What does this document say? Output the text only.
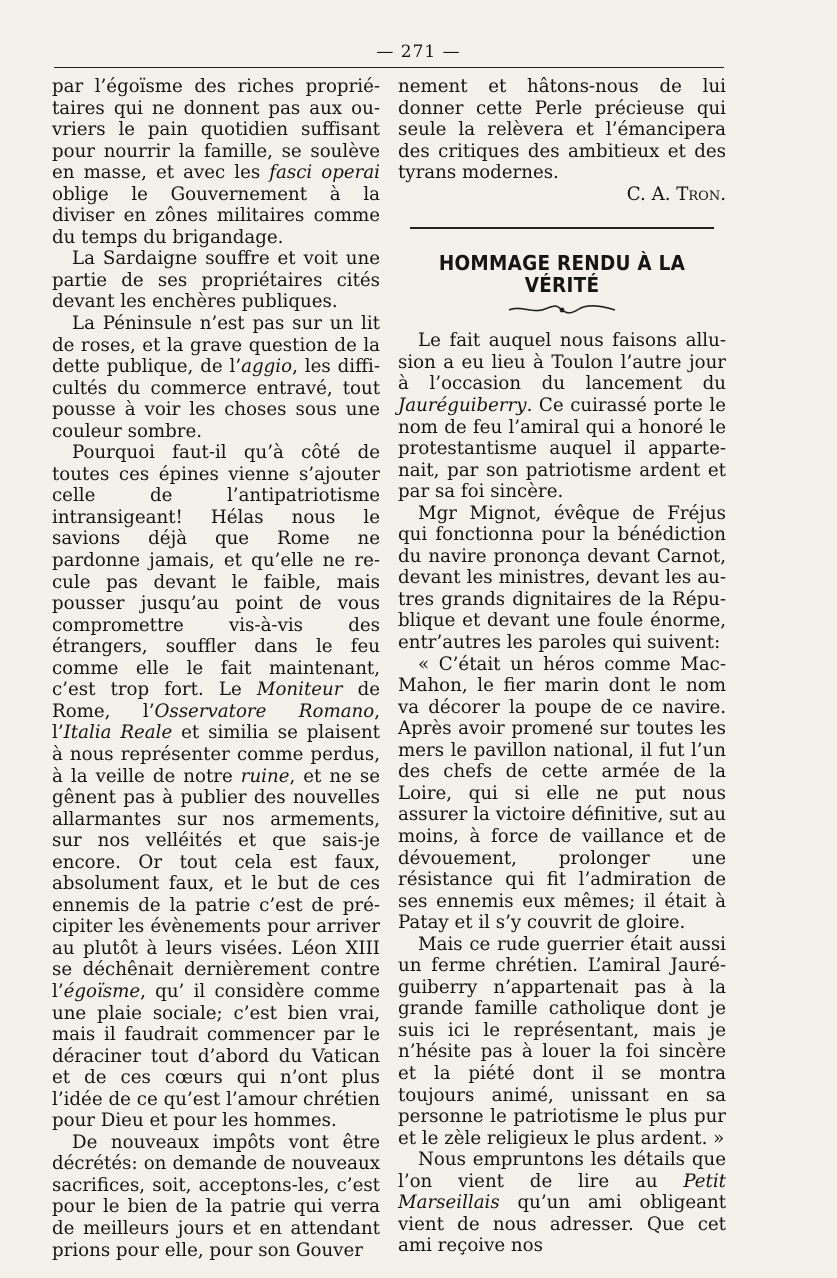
— 271 —

par l’égoïsme des riches propriétaires qui ne donnent pas aux ouvriers le pain quotidien suffisant pour nourrir la famille, se soulève en masse, et avec les fasci operai oblige le Gouvernement à la diviser en zônes militaires comme du temps du brigandage.

La Sardaigne souffre et voit une partie de ses propriétaires cités devant les enchères publiques.

La Péninsule n’est pas sur un lit de roses, et la grave question de la dette publique, de l’aggio, les difficultés du commerce entravé, tout pousse à voir les choses sous une couleur sombre.

Pourquoi faut-il qu’à côté de toutes ces épines vienne s’ajouter celle de l’antipatriotisme intransigeant! Hélas nous le savions déjà que Rome ne pardonne jamais, et qu’elle ne recule pas devant le faible, mais pousser jusqu’au point de vous compromettre vis-à-vis des étrangers, souffler dans le feu comme elle le fait maintenant, c’est trop fort. Le Moniteur de Rome, l’Osservatore Romano, l’Italia Reale et similia se plaisent à nous représenter comme perdus, à la veille de notre ruine, et ne se gênent pas à publier des nouvelles allarmantes sur nos armements, sur nos velléités et que sais-je encore. Or tout cela est faux, absolument faux, et le but de ces ennemis de la patrie c’est de précipiter les évènements pour arriver au plutôt à leurs visées. Léon XIII se déchênait dernièrement contre l’égoïsme, qu’ il considère comme une plaie sociale; c’est bien vrai, mais il faudrait commencer par le déraciner tout d’abord du Vatican et de ces cœurs qui n’ont plus l’idée de ce qu’est l’amour chrétien pour Dieu et pour les hommes.

De nouveaux impôts vont être décrétés: on demande de nouveaux sacrifices, soit, acceptons-les, c’est pour le bien de la patrie qui verra de meilleurs jours et en attendant prions pour elle, pour son Gouver

nement et hâtons-nous de lui donner cette Perle précieuse qui seule la relèvera et l’émancipera des critiques des ambitieux et des tyrans modernes.

C. A. Tron.

HOMMAGE RENDU À LA VÉRITÉ

Le fait auquel nous faisons allusion a eu lieu à Toulon l’autre jour à l’occasion du lancement du Jauréguiberry. Ce cuirassé porte le nom de feu l’amiral qui a honoré le protestantisme auquel il appartenait, par son patriotisme ardent et par sa foi sincère.

Mgr Mignot, évêque de Fréjus qui fonctionna pour la bénédiction du navire prononça devant Carnot, devant les ministres, devant les autres grands dignitaires de la République et devant une foule énorme, entr’autres les paroles qui suivent:

« C’était un héros comme Mac-Mahon, le fier marin dont le nom va décorer la poupe de ce navire. Après avoir promené sur toutes les mers le pavillon national, il fut l’un des chefs de cette armée de la Loire, qui si elle ne put nous assurer la victoire définitive, sut au moins, à force de vaillance et de dévouement, prolonger une résistance qui fit l’admiration de ses ennemis eux mêmes; il était à Patay et il s’y couvrit de gloire.

Mais ce rude guerrier était aussi un ferme chrétien. L’amiral Jauréguiberry n’appartenait pas à la grande famille catholique dont je suis ici le représentant, mais je n’hésite pas à louer la foi sincère et la piété dont il se montra toujours animé, unissant en sa personne le patriotisme le plus pur et le zèle religieux le plus ardent. »

Nous empruntons les détails que l’on vient de lire au Petit Marseillais qu’un ami obligeant vient de nous adresser. Que cet ami reçoive nos
